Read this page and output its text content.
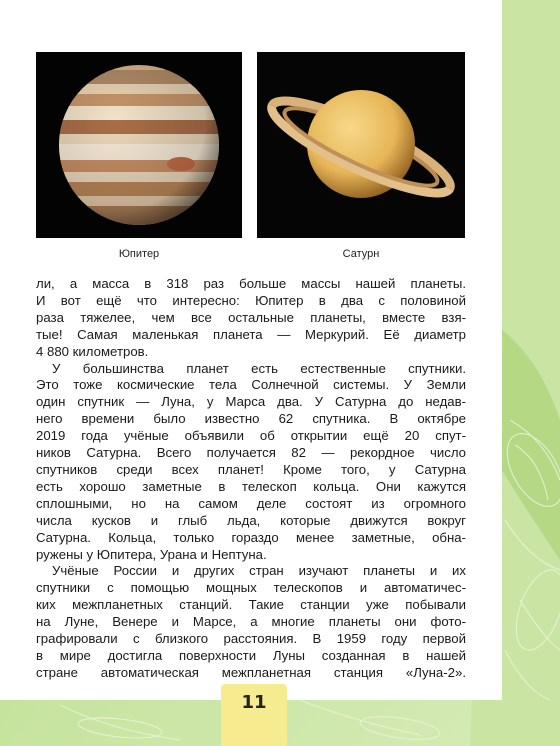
Юпитер	Сатурн
ли, а масса в 318 раз больше массы нашей планеты.
И вот ещё что интересно: Юпитер в два с половиной
раза тяжелее, чем все остальные планеты, вместе взя-
тые! Самая маленькая планета — Меркурий. Её диаметр
4 880 километров.
У большинства планет есть естественные спутники.
Это тоже космические тела Солнечной системы. У Земли
один спутник — Луна, у Марса два. У Сатурна до недав-
него времени было известно 62 спутника. В октябре
2019 года учёные объявили об открытии ещё 20 спут-
ников Сатурна. Всего получается 82 — рекордное число
спутников среди всех планет! Кроме того, у Сатурна
есть хорошо заметные в телескоп кольца. Они кажутся
сплошными, но на самом деле состоят из огромного
числа кусков и глыб льда, которые движутся вокруг
Сатурна. Кольца, только гораздо менее заметные, обна-
ружены у Юпитера, Урана и Нептуна.
Учёные России и других стран изучают планеты и их
спутники с помощью мощных телескопов и автоматичес-
ких межпланетных станций. Такие станции уже побывали
на Луне, Венере и Марсе, а многие планеты они фото-
графировали с близкого расстояния. В 1959 году первой
в мире достигла поверхности Луны созданная в нашей
стране автоматическая межпланетная станция «Луна-2».
11
